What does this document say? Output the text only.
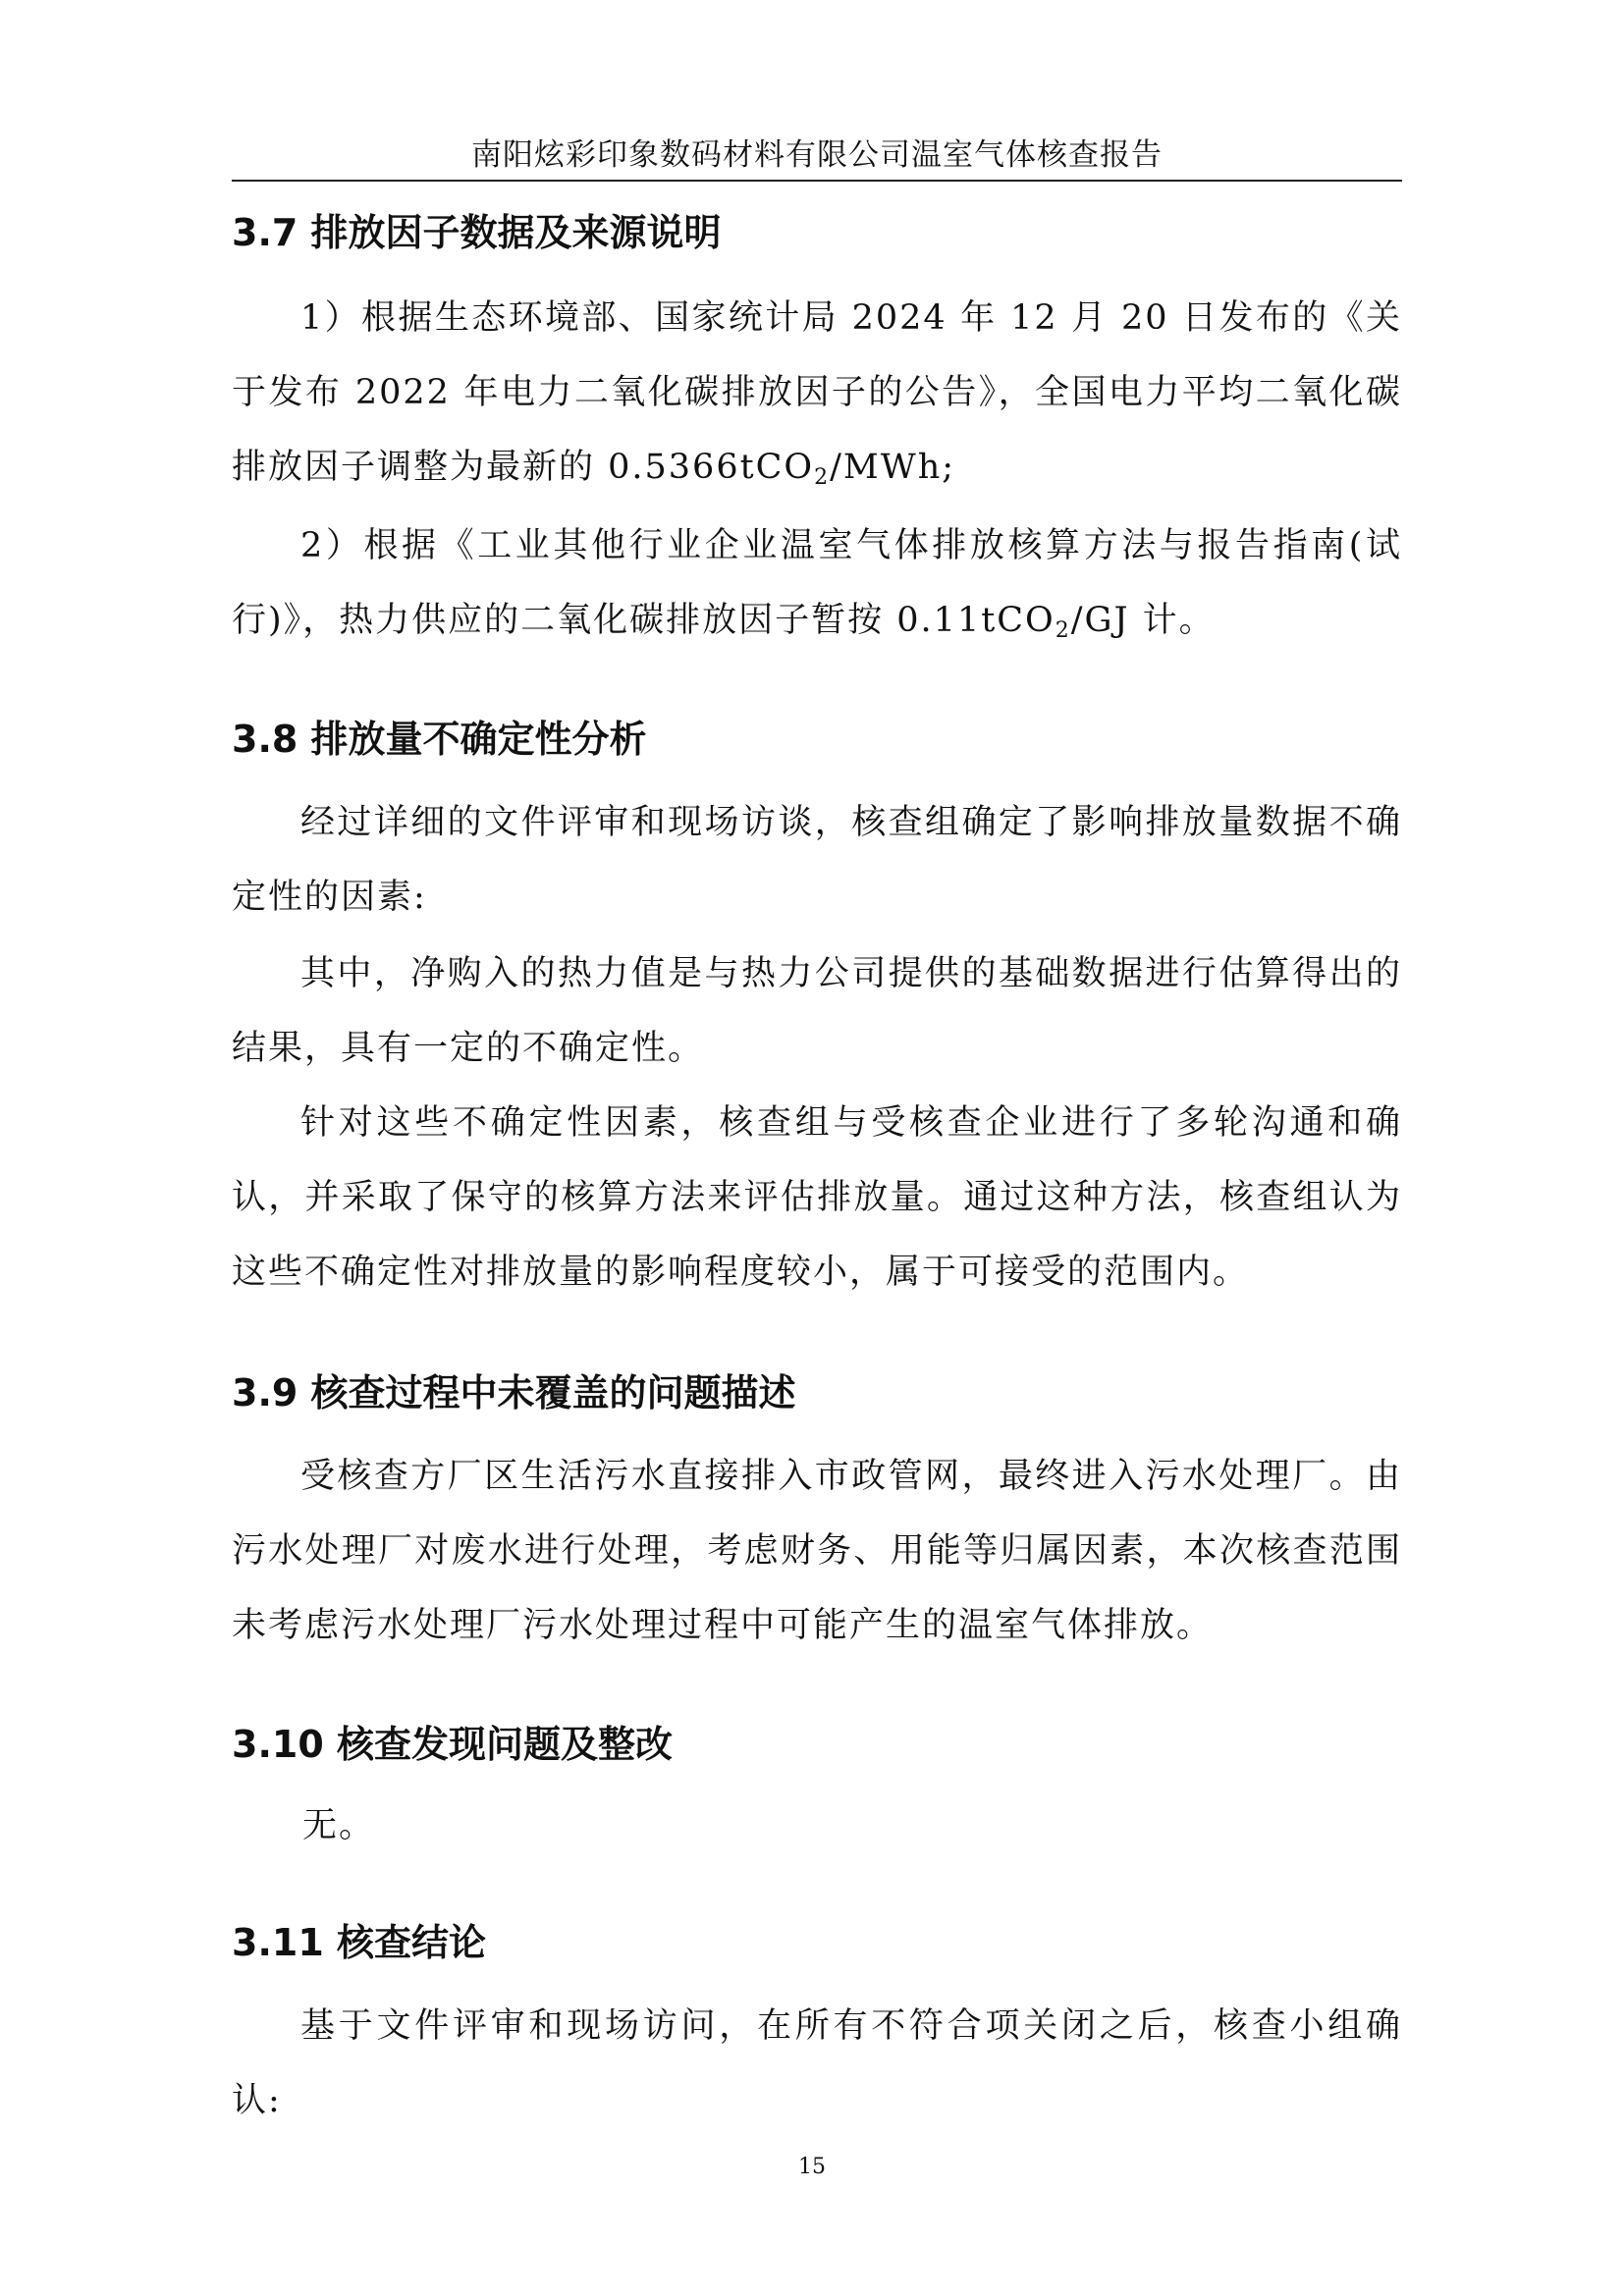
南阳炫彩印象数码材料有限公司温室气体核查报告
3.7 排放因子数据及来源说明

1）根据生态环境部、国家统计局 2024 年 12 月 20 日发布的《关于发布 2022 年电力二氧化碳排放因子的公告》，全国电力平均二氧化碳排放因子调整为最新的 0.5366tCO$_2$/MWh;

2）根据《工业其他行业企业温室气体排放核算方法与报告指南(试行)》，热力供应的二氧化碳排放因子暂按 0.11tCO$_2$/GJ 计。

3.8 排放量不确定性分析

经过详细的文件评审和现场访谈，核查组确定了影响排放量数据不确定性的因素:

其中，净购入的热力值是与热力公司提供的基础数据进行估算得出的结果，具有一定的不确定性。

针对这些不确定性因素，核查组与受核查企业进行了多轮沟通和确认，并采取了保守的核算方法来评估排放量。通过这种方法，核查组认为这些不确定性对排放量的影响程度较小，属于可接受的范围内。

3.9 核查过程中未覆盖的问题描述

受核查方厂区生活污水直接排入市政管网，最终进入污水处理厂。由污水处理厂对废水进行处理，考虑财务、用能等归属因素，本次核查范围未考虑污水处理厂污水处理过程中可能产生的温室气体排放。

3.10 核查发现问题及整改

无。

3.11 核查结论

基于文件评审和现场访问，在所有不符合项关闭之后，核查小组确认:

15
